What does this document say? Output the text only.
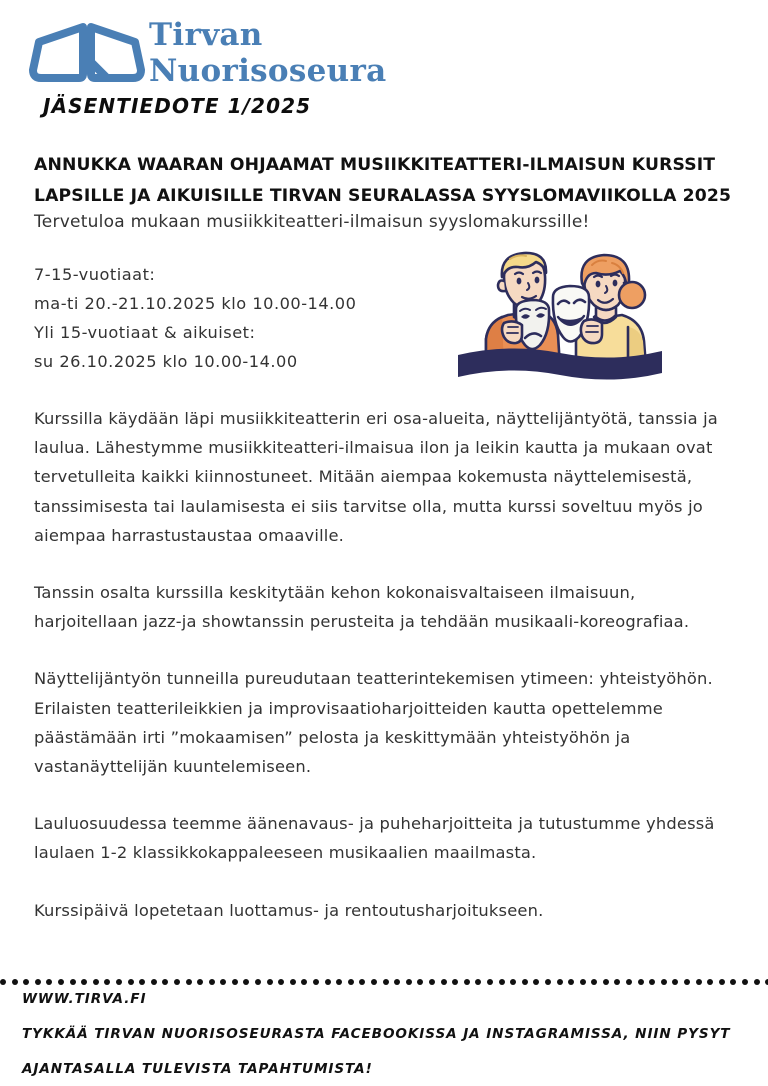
Tirvan
Nuorisoseura
JÄSENTIEDOTE 1/2025
ANNUKKA WAARAN OHJAAMAT MUSIIKKITEATTERI-ILMAISUN KURSSIT
LAPSILLE JA AIKUISILLE TIRVAN SEURALASSA SYYSLOMAVIIKOLLA 2025
Tervetuloa mukaan musiikkiteatteri-ilmaisun syyslomakurssille!
7-15-vuotiaat:
ma-ti 20.-21.10.2025 klo 10.00-14.00
Yli 15-vuotiaat & aikuiset:
su 26.10.2025 klo 10.00-14.00

Kurssilla käydään läpi musiikkiteatterin eri osa-alueita, näyttelijäntyötä, tanssia ja laulua. Lähestymme musiikkiteatteri-ilmaisua ilon ja leikin kautta ja mukaan ovat tervetulleita kaikki kiinnostuneet. Mitään aiempaa kokemusta näyttelemisestä, tanssimisesta tai laulamisesta ei siis tarvitse olla, mutta kurssi soveltuu myös jo aiempaa harrastustaustaa omaaville.

Tanssin osalta kurssilla keskitytään kehon kokonaisvaltaiseen ilmaisuun, harjoitellaan jazz-ja showtanssin perusteita ja tehdään musikaali-koreografiaa.

Näyttelijäntyön tunneilla pureudutaan teatterintekemisen ytimeen: yhteistyöhön. Erilaisten teatterileikkien ja improvisaatioharjoitteiden kautta opettelemme päästämään irti ”mokaamisen” pelosta ja keskittymään yhteistyöhön ja vastanäyttelijän kuuntelemiseen.

Lauluosuudessa teemme äänenavaus- ja puheharjoitteita ja tutustumme yhdessä laulaen 1-2 klassikkokappaleeseen musikaalien maailmasta.

Kurssipäivä lopetetaan luottamus- ja rentoutusharjoitukseen.

WWW.TIRVA.FI
TYKKÄÄ TIRVAN NUORISOSEURASTA FACEBOOKISSA JA INSTAGRAMISSA, NIIN PYSYT
AJANTASALLA TULEVISTA TAPAHTUMISTA!
